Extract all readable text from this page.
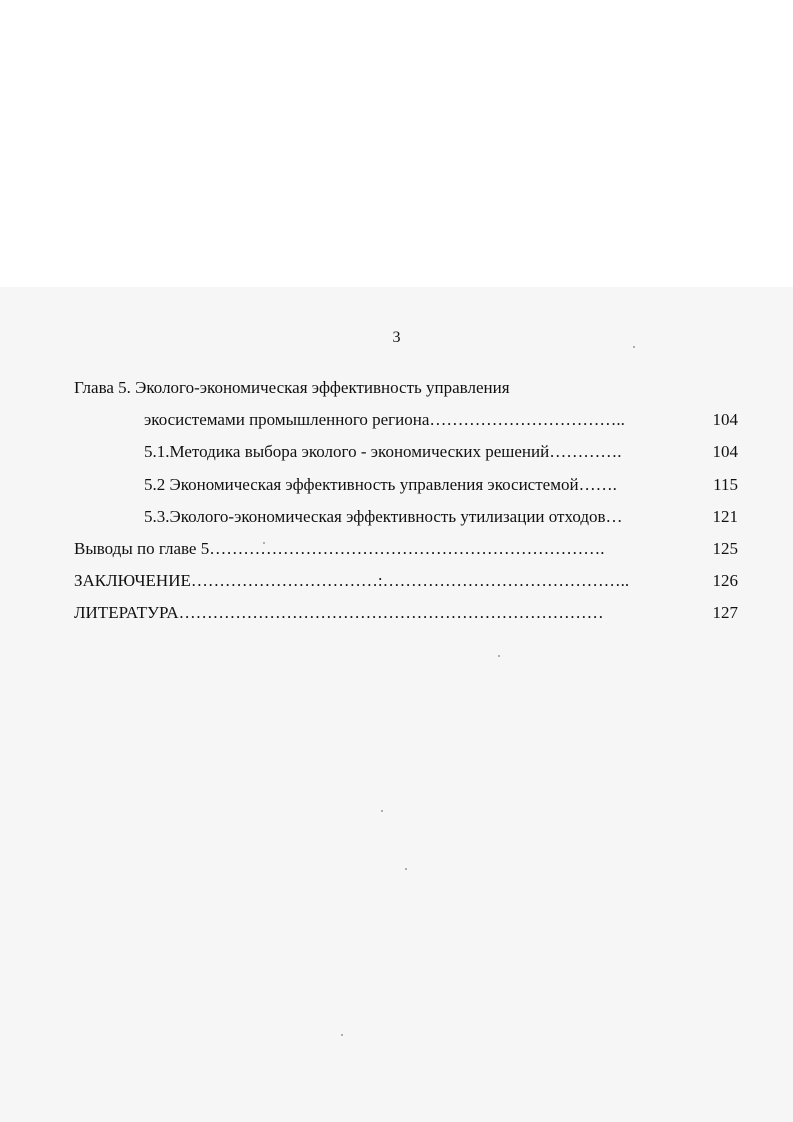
3
Глава 5. Эколого-экономическая эффективность управления
экосистемами промышленного региона……………………………..	104
5.1.Методика выбора эколого - экономических решений………….	104
5.2 Экономическая эффективность управления экосистемой…….	115
5.3.Эколого-экономическая эффективность утилизации отходов…	121
Выводы по главе 5…………………………………………………………….	125
ЗАКЛЮЧЕНИЕ……………………………:……………………………………..	126
ЛИТЕРАТУРА…………………………………………………………………	127
